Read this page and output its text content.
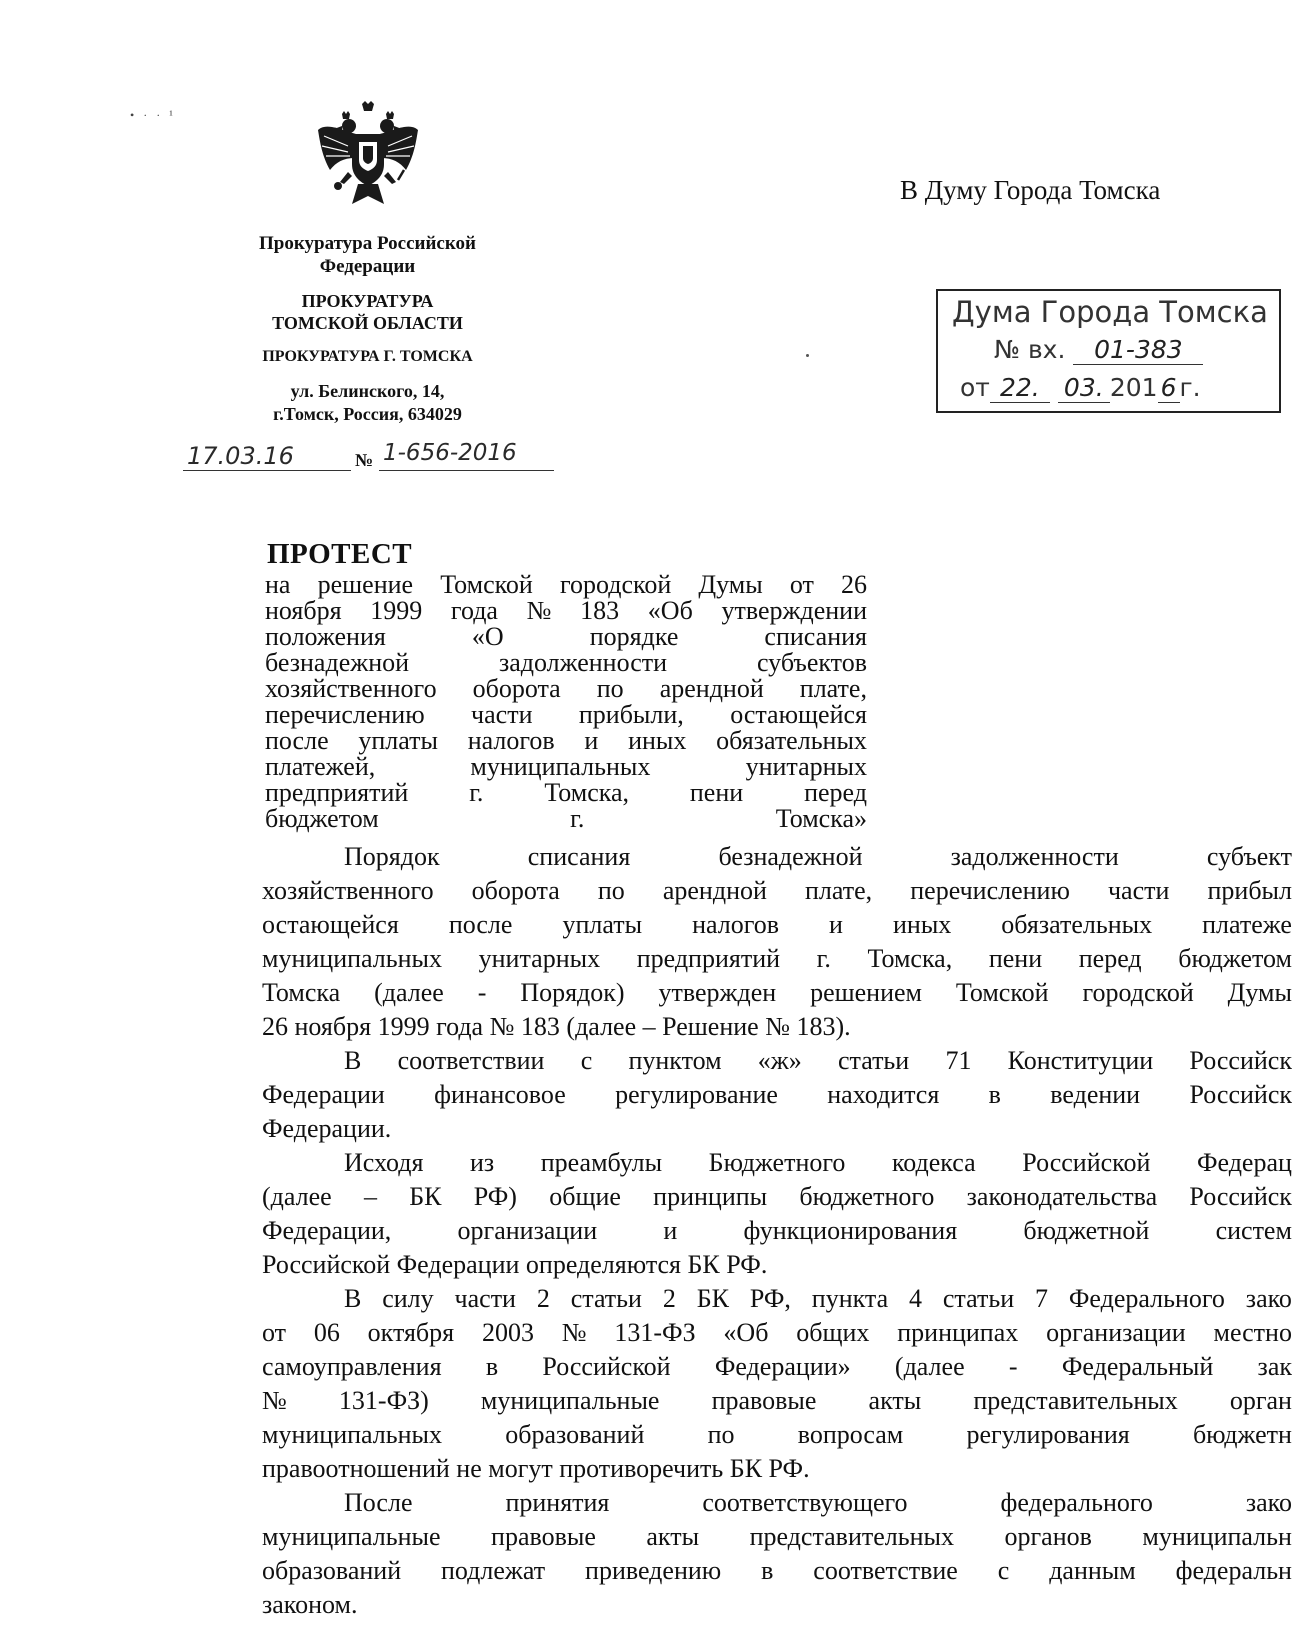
• · · ¹
Прокуратура Российской
Федерации
ПРОКУРАТУРА
ТОМСКОЙ ОБЛАСТИ
ПРОКУРАТУРА Г. ТОМСКА
ул. Белинского, 14,
г.Томск, Россия, 634029
17.03.16	№ 1-656-2016
В Думу Города Томска
Дума Города Томска
№ вх. 01-383
от 22. 03. 201 6 г.
ПРОТЕСТ
на решение Томской городской Думы от 26
ноября 1999 года № 183 «Об утверждении
положения	«О	порядке	списания
безнадежной	задолженности	субъектов
хозяйственного оборота по арендной плате,
перечислению части прибыли, остающейся
после уплаты налогов и иных обязательных
платежей,	муниципальных	унитарных
предприятий г. Томска, пени перед
бюджетом г. Томска»
Порядок	списания	безнадежной	задолженности	субъект
хозяйственного оборота по арендной плате, перечислению части прибыл
остающейся после уплаты налогов и иных обязательных платеже
муниципальных унитарных предприятий г. Томска, пени перед бюджетом
Томска (далее - Порядок) утвержден решением Томской городской Думы
26 ноября 1999 года № 183 (далее – Решение № 183).
В соответствии с пунктом «ж» статьи 71 Конституции Российск
Федерации финансовое регулирование находится в ведении Российск
Федерации.
Исходя из преамбулы Бюджетного кодекса Российской Федерац
(далее – БК РФ) общие принципы бюджетного законодательства Российск
Федерации,	организации	и	функционирования	бюджетной	систем
Российской Федерации определяются БК РФ.
В силу части 2 статьи 2 БК РФ, пункта 4 статьи 7 Федерального зако
от 06 октября 2003 № 131-ФЗ «Об общих принципах организации местно
самоуправления в Российской Федерации» (далее - Федеральный зак
№ 131-ФЗ) муниципальные правовые акты представительных орган
муниципальных образований по вопросам регулирования бюджетн
правоотношений не могут противоречить БК РФ.
После	принятия	соответствующего	федерального	зако
муниципальные правовые акты представительных органов муниципальн
образований подлежат приведению в соответствие с данным федеральн
законом.
